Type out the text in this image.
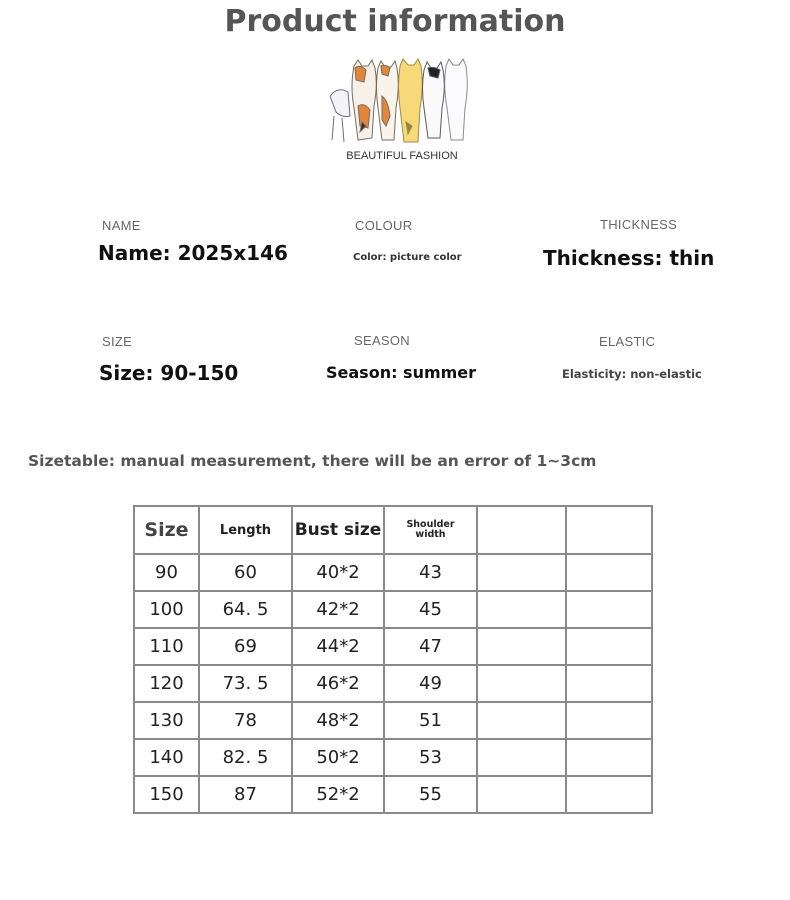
Product information
BEAUTIFUL FASHION
NAME
Name: 2025x146
COLOUR
Color: picture color
THICKNESS
Thickness: thin
SIZE
Size: 90-150
SEASON
Season: summer
ELASTIC
Elasticity: non-elastic
Sizetable: manual measurement, there will be an error of 1~3cm
Size	Length	Bust size	Shoulder width		
90	60	40*2	43		
100	64. 5	42*2	45		
110	69	44*2	47		
120	73. 5	46*2	49		
130	78	48*2	51		
140	82. 5	50*2	53		
150	87	52*2	55		
